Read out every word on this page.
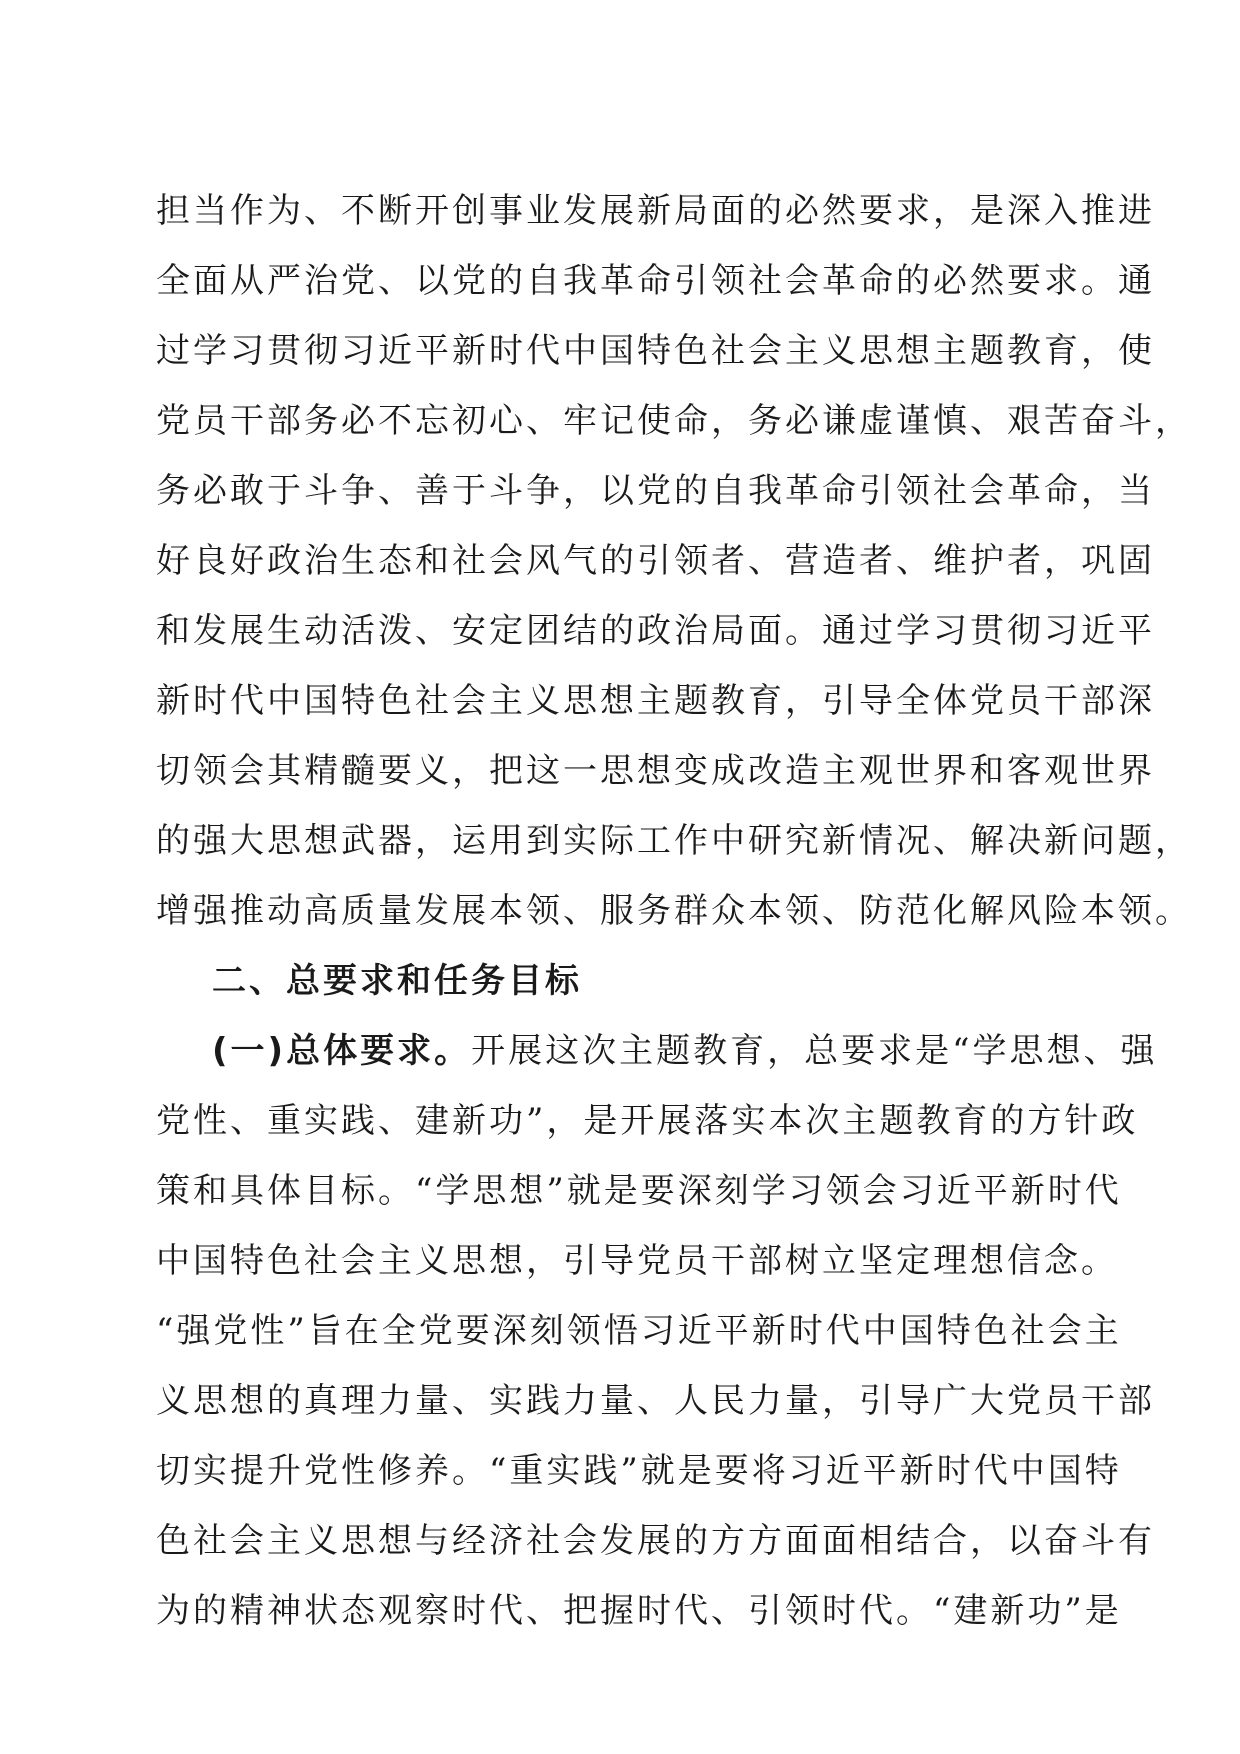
担当作为、不断开创事业发展新局面的必然要求，是深入推进
全面从严治党、以党的自我革命引领社会革命的必然要求。通
过学习贯彻习近平新时代中国特色社会主义思想主题教育，使
党员干部务必不忘初心、牢记使命，务必谦虚谨慎、艰苦奋斗，
务必敢于斗争、善于斗争，以党的自我革命引领社会革命，当
好良好政治生态和社会风气的引领者、营造者、维护者，巩固
和发展生动活泼、安定团结的政治局面。通过学习贯彻习近平
新时代中国特色社会主义思想主题教育，引导全体党员干部深
切领会其精髓要义，把这一思想变成改造主观世界和客观世界
的强大思想武器，运用到实际工作中研究新情况、解决新问题，
增强推动高质量发展本领、服务群众本领、防范化解风险本领。
二、总要求和任务目标
(一)总体要求。开展这次主题教育，总要求是“学思想、强
党性、重实践、建新功”，是开展落实本次主题教育的方针政
策和具体目标。“学思想”就是要深刻学习领会习近平新时代
中国特色社会主义思想，引导党员干部树立坚定理想信念。
“强党性”旨在全党要深刻领悟习近平新时代中国特色社会主
义思想的真理力量、实践力量、人民力量，引导广大党员干部
切实提升党性修养。“重实践”就是要将习近平新时代中国特
色社会主义思想与经济社会发展的方方面面相结合，以奋斗有
为的精神状态观察时代、把握时代、引领时代。“建新功”是
